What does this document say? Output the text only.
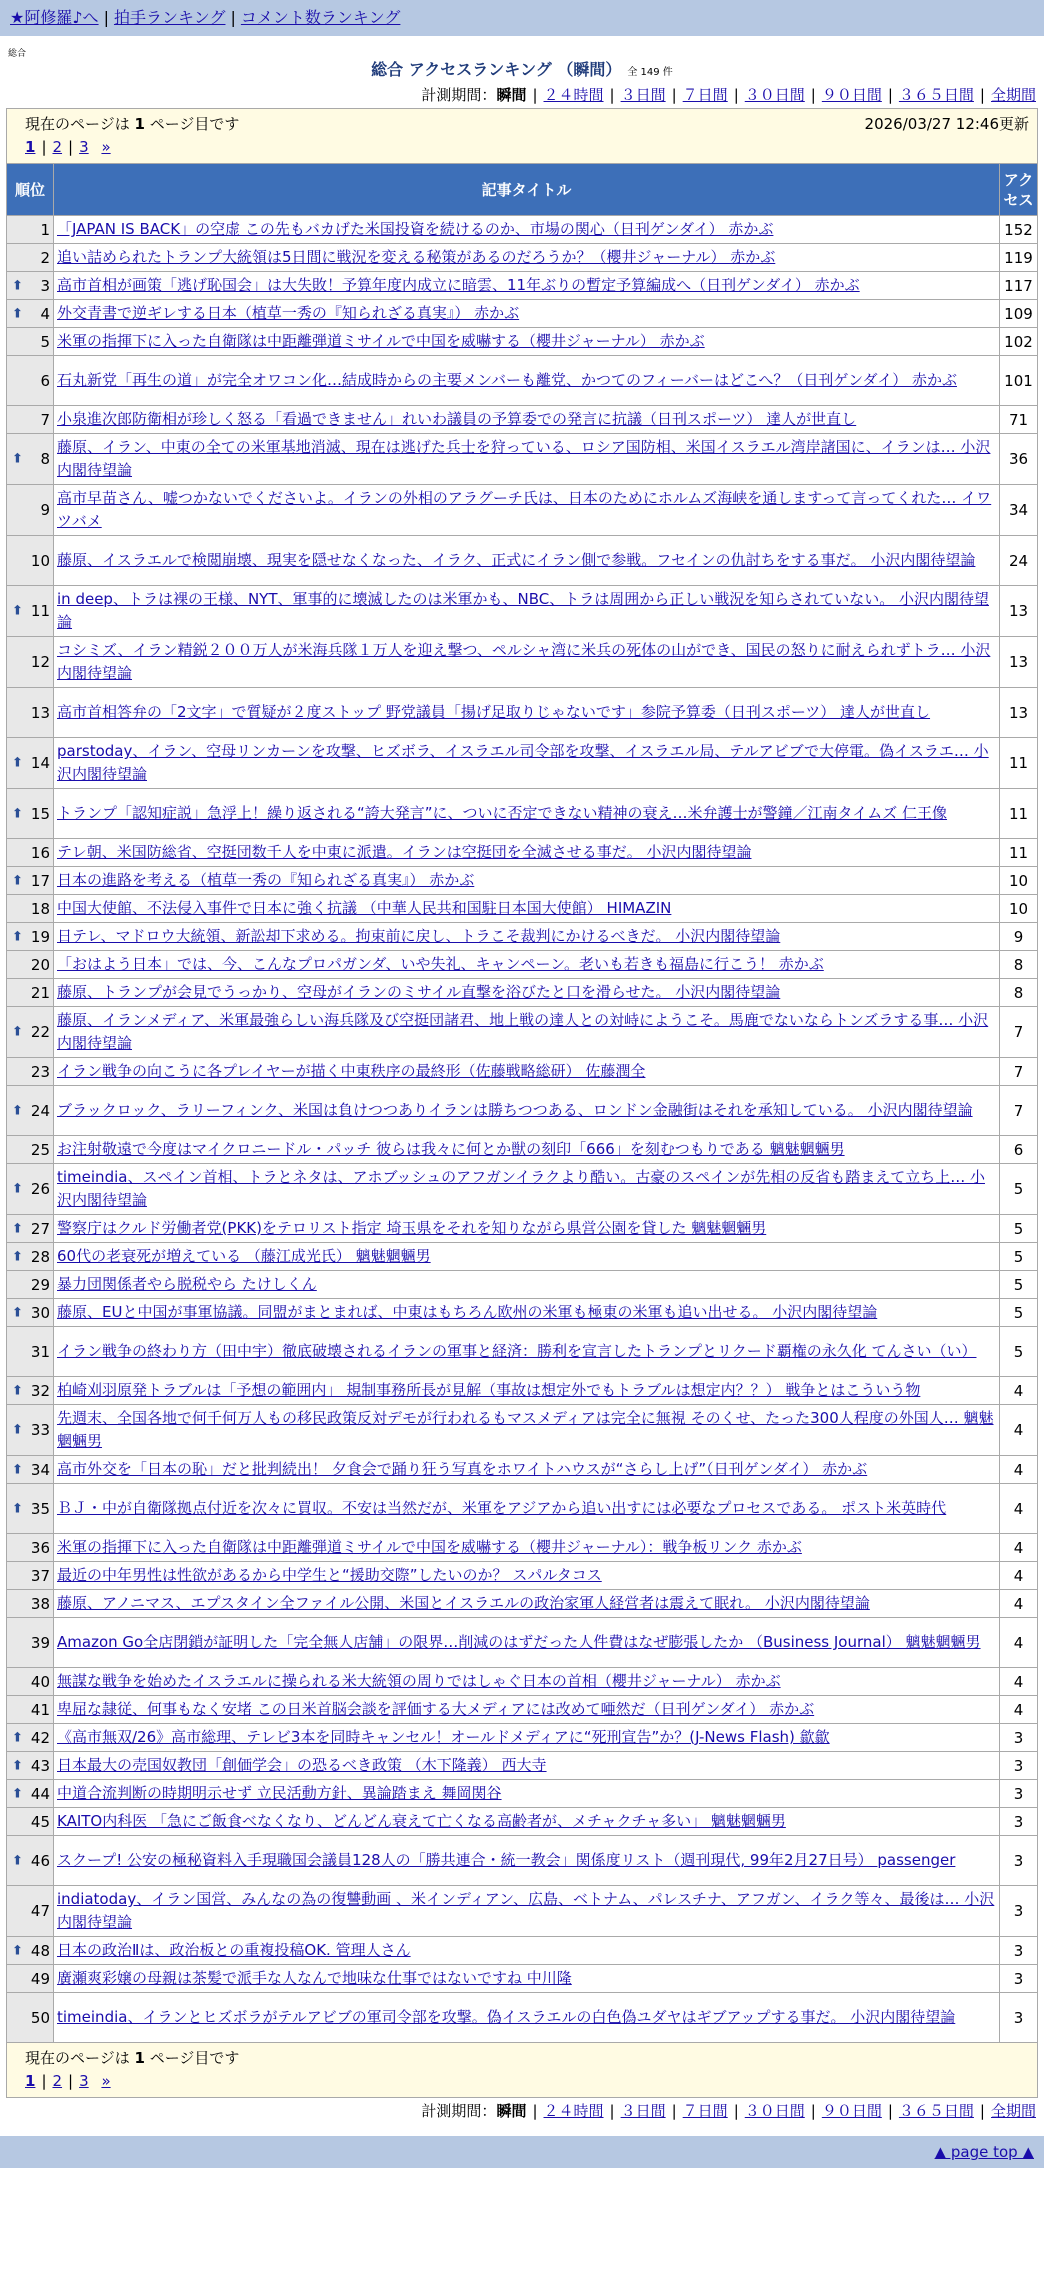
★阿修羅♪へ | 拍手ランキング | コメント数ランキング
総合
総合 アクセスランキング （瞬間） 全 149 件
計測期間：瞬間 | ２４時間 | ３日間 | ７日間 | ３０日間 | ９０日間 | ３６５日間 | 全期間
現在のページは 1 ページ目です 2026/03/27 12:46更新
1 | 2 | 3 »		

順位	記事タイトル	アクセス
1	「JAPAN IS BACK」の空虚 この先もバカげた米国投資を続けるのか、市場の関心（日刊ゲンダイ） 赤かぶ	152
2	追い詰められたトランプ大統領は5日間に戦況を変える秘策があるのだろうか？（櫻井ジャーナル） 赤かぶ	119

⬆ 3	高市首相が画策「逃げ恥国会」は大失敗！予算年度内成立に暗雲、11年ぶりの暫定予算編成へ（日刊ゲンダイ） 赤かぶ	117

⬆ 4	外交青書で逆ギレする日本（植草一秀の『知られざる真実』） 赤かぶ	109
5	米軍の指揮下に入った自衛隊は中距離弾道ミサイルで中国を威嚇する（櫻井ジャーナル） 赤かぶ	102
6	石丸新党「再生の道」が完全オワコン化…結成時からの主要メンバーも離党、かつてのフィーバーはどこへ？（日刊ゲンダイ） 赤かぶ	101
7	小泉進次郎防衛相が珍しく怒る「看過できません」れいわ議員の予算委での発言に抗議（日刊スポーツ） 達人が世直し	71

⬆ 8	藤原、イラン、中東の全ての米軍基地消滅、現在は逃げた兵士を狩っている、ロシア国防相、米国イスラエル湾岸諸国に、イランは… 小沢内閣待望論	36
9	高市早苗さん、嘘つかないでくださいよ。イランの外相のアラグーチ氏は、日本のためにホルムズ海峡を通しますって言ってくれた… イワツバメ	34
10	藤原、イスラエルで検閲崩壊、現実を隠せなくなった、イラク、正式にイラン側で参戦。フセインの仇討ちをする事だ。 小沢内閣待望論	24

⬆ 11	in deep、トラは裸の王様、NYT、軍事的に壊滅したのは米軍かも、NBC、トラは周囲から正しい戦況を知らされていない。 小沢内閣待望論	13
12	コシミズ、イラン精鋭２００万人が米海兵隊１万人を迎え撃つ、ペルシャ湾に米兵の死体の山ができ、国民の怒りに耐えられずトラ… 小沢内閣待望論	13
13	高市首相答弁の「2文字」で質疑が２度ストップ 野党議員「揚げ足取りじゃないです」参院予算委（日刊スポーツ） 達人が世直し	13

⬆ 14	parstoday、イラン、空母リンカーンを攻撃、ヒズボラ、イスラエル司令部を攻撃、イスラエル局、テルアビブで大停電。偽イスラエ… 小沢内閣待望論	11

⬆ 15	トランプ「認知症説」急浮上！繰り返される“誇大発言”に、ついに否定できない精神の衰え…米弁護士が警鐘／江南タイムズ 仁王像	11
16	テレ朝、米国防総省、空挺団数千人を中東に派遣。イランは空挺団を全滅させる事だ。 小沢内閣待望論	11

⬆ 17	日本の進路を考える（植草一秀の『知られざる真実』） 赤かぶ	10
18	中国大使館、不法侵入事件で日本に強く抗議 （中華人民共和国駐日本国大使館） HIMAZIN	10

⬆ 19	日テレ、マドロウ大統領、新訟却下求める。拘束前に戻し、トラこそ裁判にかけるべきだ。 小沢内閣待望論	9
20	「おはよう日本」では、今、こんなプロパガンダ、いや失礼、キャンペーン。老いも若きも福島に行こう！ 赤かぶ	8
21	藤原、トランプが会見でうっかり、空母がイランのミサイル直撃を浴びたと口を滑らせた。 小沢内閣待望論	8

⬆ 22	藤原、イランメディア、米軍最強らしい海兵隊及び空挺団諸君、地上戦の達人との対峙にようこそ。馬鹿でないならトンズラする事… 小沢内閣待望論	7
23	イラン戦争の向こうに各プレイヤーが描く中東秩序の最終形（佐藤戦略総研） 佐藤潤全	7

⬆ 24	ブラックロック、ラリーフィンク、米国は負けつつありイランは勝ちつつある、ロンドン金融街はそれを承知している。 小沢内閣待望論	7
25	お注射敬遠で今度はマイクロニードル・パッチ 彼らは我々に何とか獣の刻印「666」を刻むつもりである 魑魅魍魎男	6

⬆ 26	timeindia、スペイン首相、トラとネタは、アホブッシュのアフガンイラクより酷い。古豪のスペインが先相の反省も踏まえて立ち上… 小沢内閣待望論	5

⬆ 27	警察庁はクルド労働者党(PKK)をテロリスト指定 埼玉県をそれを知りながら県営公園を貸した 魑魅魍魎男	5

⬆ 28	60代の老衰死が増えている （藤江成光氏） 魑魅魍魎男	5
29	暴力団関係者やら脱税やら たけしくん	5

⬆ 30	藤原、EUと中国が事軍協議。同盟がまとまれば、中東はもちろん欧州の米軍も極東の米軍も追い出せる。 小沢内閣待望論	5
31	イラン戦争の終わり方（田中宇）徹底破壊されるイランの軍事と経済：勝利を宣言したトランプとリクード覇権の永久化 てんさい（い）	5

⬆ 32	柏崎刈羽原発トラブルは「予想の範囲内」 規制事務所長が見解（事故は想定外でもトラブルは想定内？？） 戦争とはこういう物	4

⬆ 33	先週末、全国各地で何千何万人もの移民政策反対デモが行われるもマスメディアは完全に無視 そのくせ、たった300人程度の外国人… 魑魅魍魎男	4

⬆ 34	高市外交を「日本の恥」だと批判続出！ 夕食会で踊り狂う写真をホワイトハウスが“さらし上げ”（日刊ゲンダイ） 赤かぶ	4

⬆ 35	ＢＪ・中が自衛隊拠点付近を次々に買収。不安は当然だが、米軍をアジアから追い出すには必要なプロセスである。 ポスト米英時代	4
36	米軍の指揮下に入った自衛隊は中距離弾道ミサイルで中国を威嚇する（櫻井ジャーナル）：戦争板リンク 赤かぶ	4
37	最近の中年男性は性欲があるから中学生と“援助交際”したいのか？ スパルタコス	4
38	藤原、アノニマス、エプスタイン全ファイル公開、米国とイスラエルの政治家軍人経営者は震えて眠れ。 小沢内閣待望論	4
39	Amazon Go全店閉鎖が証明した「完全無人店舗」の限界…削減のはずだった人件費はなぜ膨張したか （Business Journal） 魑魅魍魎男	4
40	無謀な戦争を始めたイスラエルに操られる米大統領の周りではしゃぐ日本の首相（櫻井ジャーナル） 赤かぶ	4
41	卑屈な隷従、何事もなく安堵 この日米首脳会談を評価する大メディアには改めて唖然だ（日刊ゲンダイ） 赤かぶ	4

⬆ 42	《高市無双/26》高市総理、テレビ3本を同時キャンセル！オールドメディアに“死刑宣告”か？(J-News Flash) 歙歙	3

⬆ 43	日本最大の売国奴教団「創価学会」の恐るべき政策 （木下隆義） 西大寺	3

⬆ 44	中道合流判断の時期明示せず 立民活動方針、異論踏まえ 舞岡関谷	3
45	KAITO内科医 「急にご飯食べなくなり、どんどん衰えて亡くなる高齢者が、メチャクチャ多い」 魑魅魍魎男	3

⬆ 46	スクープ! 公安の極秘資料入手現職国会議員128人の「勝共連合・統一教会」関係度リスト（週刊現代, 99年2月27日号） passenger	3
47	indiatoday、イラン国営、みんなの為の復讐動画 、米インディアン、広島、ベトナム、パレスチナ、アフガン、イラク等々、最後は… 小沢内閣待望論	3

⬆ 48	日本の政治Ⅱは、政治板との重複投稿OK. 管理人さん	3
49	廣瀬爽彩嬢の母親は茶髪で派手な人なんで地味な仕事ではないですね 中川隆	3
50	timeindia、イランとヒズボラがテルアビブの軍司令部を攻撃。偽イスラエルの白色偽ユダヤはギブアップする事だ。 小沢内閣待望論	3

現在のページは 1 ページ目です
1 | 2 | 3 »		
計測期間：瞬間 | ２４時間 | ３日間 | ７日間 | ３０日間 | ９０日間 | ３６５日間 | 全期間
▲ page top ▲
